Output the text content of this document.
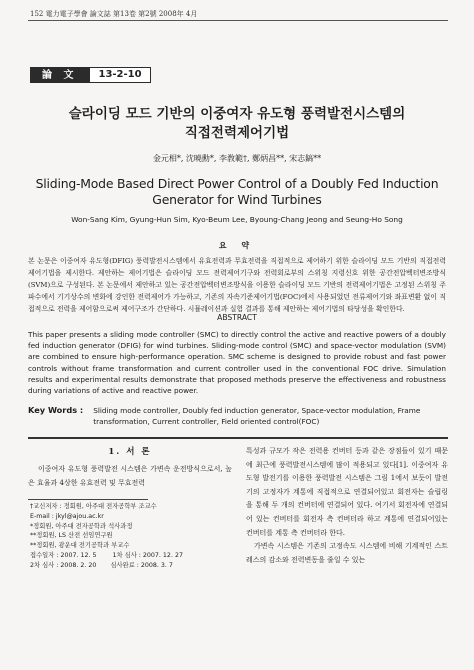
152 電力電子學會 論文誌 第13卷 第2號 2008年 4月
論 文	13-2-10
슬라이딩 모드 기반의 이중여자 유도형 풍력발전시스템의
직접전력제어기법
金元相*, 沈曉勳*, 李敎範†, 鄭炳昌**, 宋志鎬**
Sliding-Mode Based Direct Power Control of a Doubly Fed Induction Generator for Wind Turbines
Won-Sang Kim, Gyung-Hun Sim, Kyo-Beum Lee, Byoung-Chang Jeong and Seung-Ho Song
요 약
본 논문은 이중여자 유도형(DFIG) 풍력발전시스템에서 유효전력과 무효전력을 직접적으로 제어하기 위한 슬라이딩 모드 기반의 직접전력제어기법을 제시한다. 제안하는 제어기법은 슬라이딩 모드 전력제어기구와 전력회로부의 스위칭 지령신호 위한 공간전압벡터변조방식(SVM)으로 구성된다. 본 논문에서 제안하고 있는 공간전압벡터변조방식을 이용한 슬라이딩 모드 기반의 전력제어기법은 고정된 스위칭 주파수에서 기기상수의 변화에 강인한 전력제어가 가능하고, 기존의 자속기준제어기법(FOC)에서 사용되었던 전류제어기와 좌표변환 없이 직접적으로 전력을 제어함으로써 제어구조가 간단하다. 시뮬레이션과 실험 결과를 통해 제안하는 제어기법의 타당성을 확인한다.
ABSTRACT
This paper presents a sliding mode controller (SMC) to directly control the active and reactive powers of a doubly fed induction generator (DFIG) for wind turbines. Sliding-mode control (SMC) and space-vector modulation (SVM) are combined to ensure high-performance operation. SMC scheme is designed to provide robust and fast power controls without frame transformation and current controller used in the conventional FOC drive. Simulation results and experimental results demonstrate that proposed methods preserve the effectiveness and robustness during variations of active and reactive power.
Key Words : Sliding mode controller, Doubly fed induction generator, Space-vector modulation, Frame transformation, Current controller, Field oriented control(FOC)
1. 서 론
이중여자 유도형 풍력발전 시스템은 가변속 운전방식으로서, 높은 효율과 4상한 유효전력 및 무효전력

†교신저자 : 정회원, 아주대 전자공학부 조교수

E-mail : jkyl@ajou.ac.kr

*정회원, 아주대 전자공학과 석사과정

**정회원, LS 산전 선임연구원

**정회원, 광운대 전기공학과 부교수

접수일자 : 2007. 12. 5        1차 심사 : 2007. 12. 27

2차 심사 : 2008. 2. 20       심사완료 : 2008. 3. 7

특성과 규모가 작은 전력용 컨버터 등과 같은 장점들이 있기 때문에 최근에 풍력발전시스템에 많이 적용되고 있다[1]. 이중여자 유도형 발전기를 이용한 풍력발전 시스템은 그림 1에서 보듯이 발전기의 고정자가 계통에 직접적으로 연결되어있고 회전자는 슬립링을 통해 두 개의 컨버터에 연결되어 있다. 여기서 회전자에 연결되어 있는 컨버터를 회전자 측 컨버터라 하고 계통에 연결되어있는 컨버터를 계통 측 컨버터라 한다.

가변속 시스템은 기존의 고정속도 시스템에 비해 기계적인 스트레스의 감소와 전력변동을 줄일 수 있는
